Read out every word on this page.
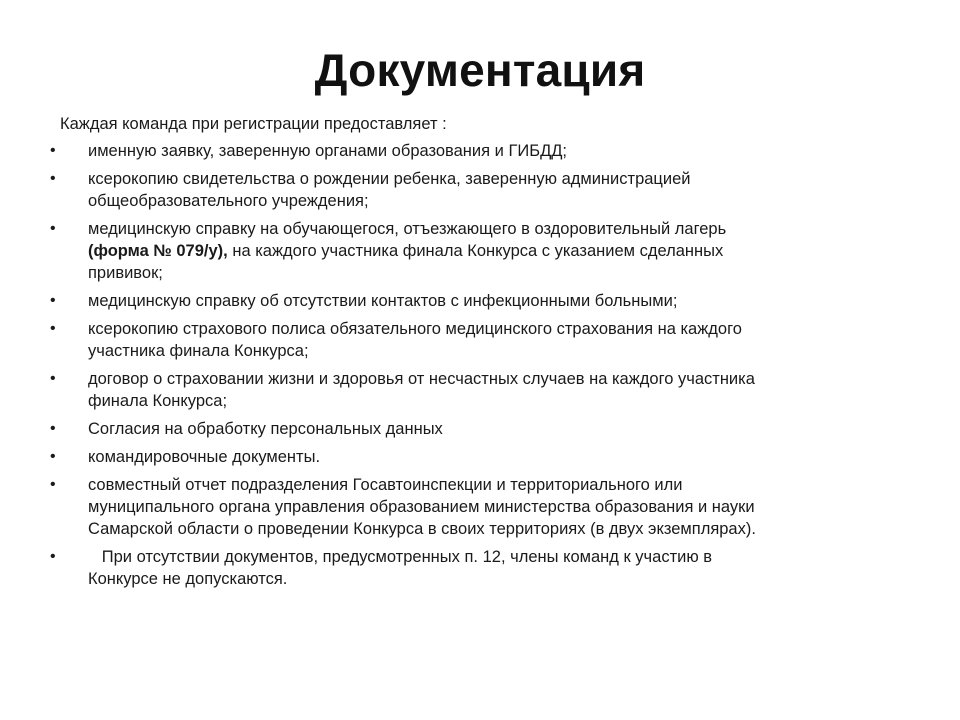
Документация

Каждая команда при регистрации предоставляет :

•	именную заявку, заверенную органами образования и ГИБДД;
•	ксерокопию свидетельства о рождении ребенка, заверенную администрацией
общеобразовательного учреждения;
•	медицинскую справку на обучающегося, отъезжающего в оздоровительный лагерь
(форма № 079/у), на каждого участника финала Конкурса с указанием сделанных
прививок;
•	медицинскую справку об отсутствии контактов с инфекционными больными;
•	ксерокопию страхового полиса обязательного медицинского страхования на каждого
участника финала Конкурса;
•	договор о страховании жизни и здоровья от несчастных случаев на каждого участника
финала Конкурса;
•	Согласия на обработку персональных данных
•	командировочные документы.
•	совместный отчет подразделения Госавтоинспекции и территориального или
муниципального органа управления образованием министерства образования и науки
Самарской области о проведении Конкурса в своих территориях (в двух экземплярах).
•	При отсутствии документов, предусмотренных п. 12, члены команд к участию в
Конкурсе не допускаются.
